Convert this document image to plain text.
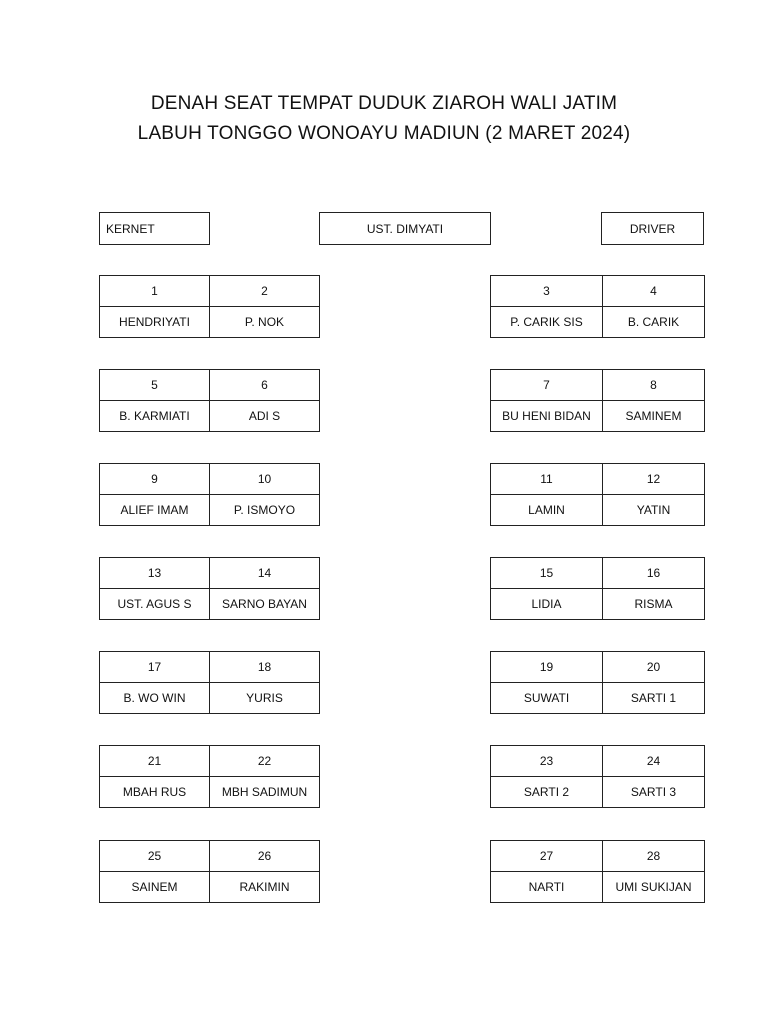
DENAH SEAT TEMPAT DUDUK ZIAROH WALI JATIM
LABUH TONGGO WONOAYU MADIUN (2 MARET 2024)
KERNET	UST. DIMYATI	DRIVER
1
HENDRIYATI
2
P. NOK
3
P. CARIK SIS
4
B. CARIK
5
B. KARMIATI
6
ADI S
7
BU HENI BIDAN
8
SAMINEM
9
ALIEF IMAM
10
P. ISMOYO
11
LAMIN
12
YATIN
13
UST. AGUS S
14
SARNO BAYAN
15
LIDIA
16
RISMA
17
B. WO WIN
18
YURIS
19
SUWATI
20
SARTI 1
21
MBAH RUS
22
MBH SADIMUN
23
SARTI 2
24
SARTI 3
25
SAINEM
26
RAKIMIN
27
NARTI
28
UMI SUKIJAN
